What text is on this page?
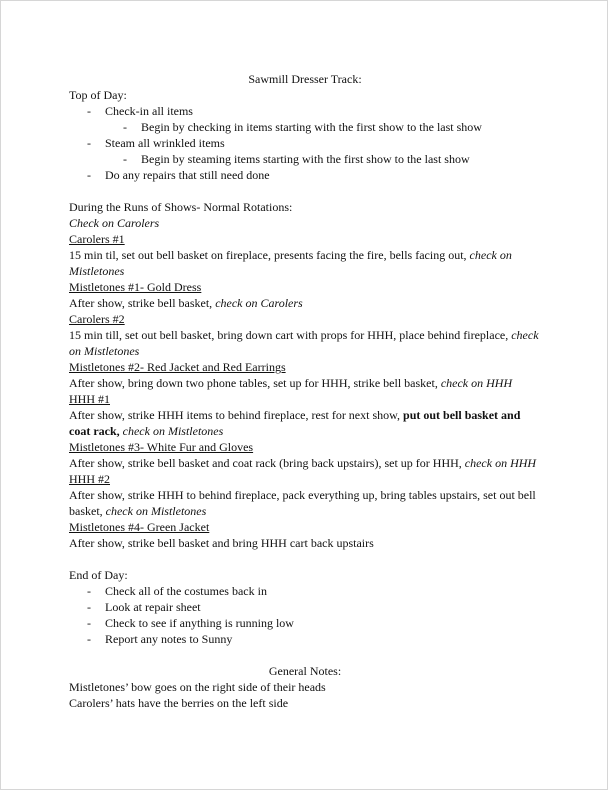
Sawmill Dresser Track:
Top of Day:
- Check-in all items
- Begin by checking in items starting with the first show to the last show
- Steam all wrinkled items
- Begin by steaming items starting with the first show to the last show
- Do any repairs that still need done
During the Runs of Shows- Normal Rotations:
Check on Carolers
Carolers #1
15 min til, set out bell basket on fireplace, presents facing the fire, bells facing out, check on Mistletones
Mistletones #1- Gold Dress
After show, strike bell basket, check on Carolers
Carolers #2
15 min till, set out bell basket, bring down cart with props for HHH, place behind fireplace, check on Mistletones
Mistletones #2- Red Jacket and Red Earrings
After show, bring down two phone tables, set up for HHH, strike bell basket, check on HHH
HHH #1
After show, strike HHH items to behind fireplace, rest for next show, put out bell basket and coat rack, check on Mistletones
Mistletones #3- White Fur and Gloves
After show, strike bell basket and coat rack (bring back upstairs), set up for HHH, check on HHH
HHH #2
After show, strike HHH to behind fireplace, pack everything up, bring tables upstairs, set out bell basket, check on Mistletones
Mistletones #4- Green Jacket
After show, strike bell basket and bring HHH cart back upstairs
End of Day:
- Check all of the costumes back in
- Look at repair sheet
- Check to see if anything is running low
- Report any notes to Sunny
General Notes:
Mistletones’ bow goes on the right side of their heads
Carolers’ hats have the berries on the left side
